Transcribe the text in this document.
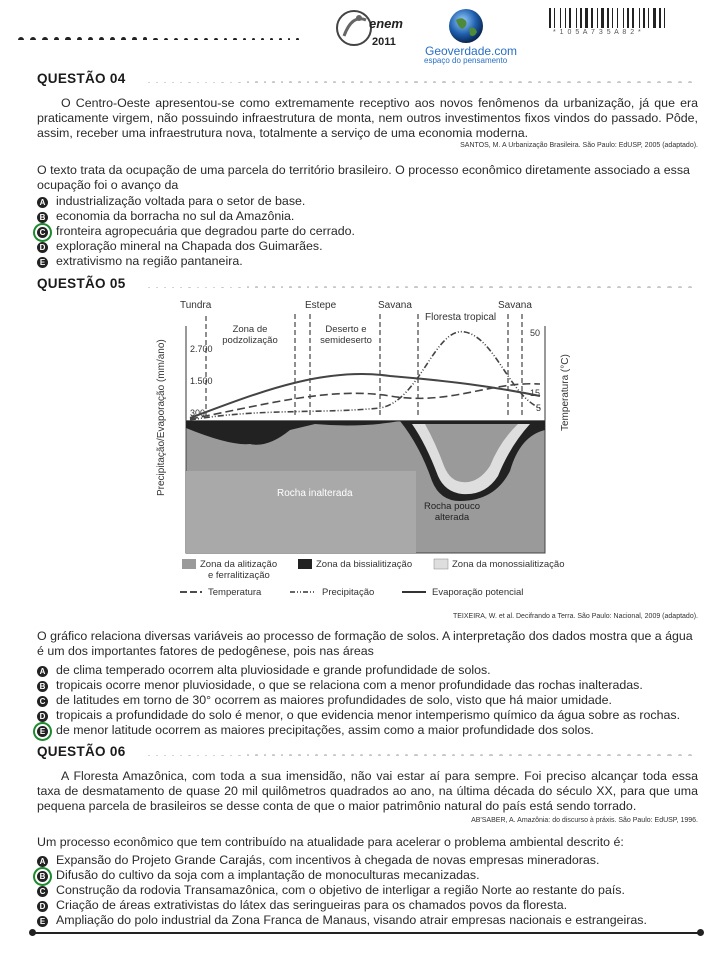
enem
2011
Geoverdade.com
espaço do pensamento
* 1 0 5 A 7 3 5 A 8 2 *
QUESTÃO 04
O Centro-Oeste apresentou-se como extremamente receptivo aos novos fenômenos da urbanização, já que era praticamente virgem, não possuindo infraestrutura de monta, nem outros investimentos fixos vindos do passado. Pôde, assim, receber uma infraestrutura nova, totalmente a serviço de uma economia moderna.
SANTOS, M. A Urbanização Brasileira. São Paulo: EdUSP, 2005 (adaptado).
O texto trata da ocupação de uma parcela do território brasileiro. O processo econômico diretamente associado a essa ocupação foi o avanço da
A industrialização voltada para o setor de base.
B economia da borracha no sul da Amazônia.
C fronteira agropecuária que degradou parte do cerrado.
D exploração mineral na Chapada dos Guimarães.
E extrativismo na região pantaneira.
QUESTÃO 05
Tundra	Estepe	Savana
Floresta tropical
Savana
Zona de
podzolização
Deserto e
semideserto
2.700
1.500
300
Precipitação/Evaporação (mm/ano)
50
15
5 Temperatura (°C)
Rocha inalterada
Rocha pouco alterada
Zona da alitização e ferralitização
Zona da bissialitização	Zona da monossialitização
Temperatura	Precipitação	Evaporação potencial
TEIXEIRA, W. et al. Decifrando a Terra. São Paulo: Nacional, 2009 (adaptado).
O gráfico relaciona diversas variáveis ao processo de formação de solos. A interpretação dos dados mostra que a água é um dos importantes fatores de pedogênese, pois nas áreas
A de clima temperado ocorrem alta pluviosidade e grande profundidade de solos.
B tropicais ocorre menor pluviosidade, o que se relaciona com a menor profundidade das rochas inalteradas.
C de latitudes em torno de 30° ocorrem as maiores profundidades de solo, visto que há maior umidade.
D tropicais a profundidade do solo é menor, o que evidencia menor intemperismo químico da água sobre as rochas.
E de menor latitude ocorrem as maiores precipitações, assim como a maior profundidade dos solos.
QUESTÃO 06
A Floresta Amazônica, com toda a sua imensidão, não vai estar aí para sempre. Foi preciso alcançar toda essa taxa de desmatamento de quase 20 mil quilômetros quadrados ao ano, na última década do século XX, para que uma pequena parcela de brasileiros se desse conta de que o maior patrimônio natural do país está sendo torrado.
AB'SABER, A. Amazônia: do discurso à práxis. São Paulo: EdUSP, 1996.
Um processo econômico que tem contribuído na atualidade para acelerar o problema ambiental descrito é:
A Expansão do Projeto Grande Carajás, com incentivos à chegada de novas empresas mineradoras.
B Difusão do cultivo da soja com a implantação de monoculturas mecanizadas.
C Construção da rodovia Transamazônica, com o objetivo de interligar a região Norte ao restante do país.
D Criação de áreas extrativistas do látex das seringueiras para os chamados povos da floresta.
E Ampliação do polo industrial da Zona Franca de Manaus, visando atrair empresas nacionais e estrangeiras.
